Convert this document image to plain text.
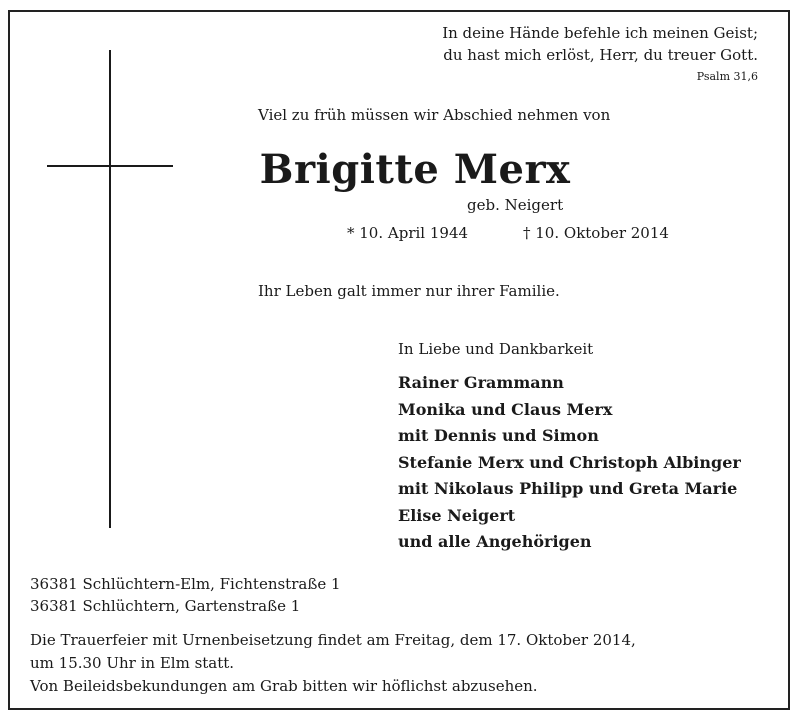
In deine Hände befehle ich meinen Geist;

du hast mich erlöst, Herr, du treuer Gott.

Psalm 31,6

Viel zu früh müssen wir Abschied nehmen von

Brigitte Merx

geb. Neigert

* 10. April 1944	† 10. Oktober 2014

Ihr Leben galt immer nur ihrer Familie.

In Liebe und Dankbarkeit

Rainer Grammann
Monika und Claus Merx
mit Dennis und Simon
Stefanie Merx und Christoph Albinger
mit Nikolaus Philipp und Greta Marie
Elise Neigert
und alle Angehörigen

36381 Schlüchtern-Elm, Fichtenstraße 1

36381 Schlüchtern, Gartenstraße 1

Die Trauerfeier mit Urnenbeisetzung findet am Freitag, dem 17. Oktober 2014,

um 15.30 Uhr in Elm statt.

Von Beileidsbekundungen am Grab bitten wir höflichst abzusehen.
